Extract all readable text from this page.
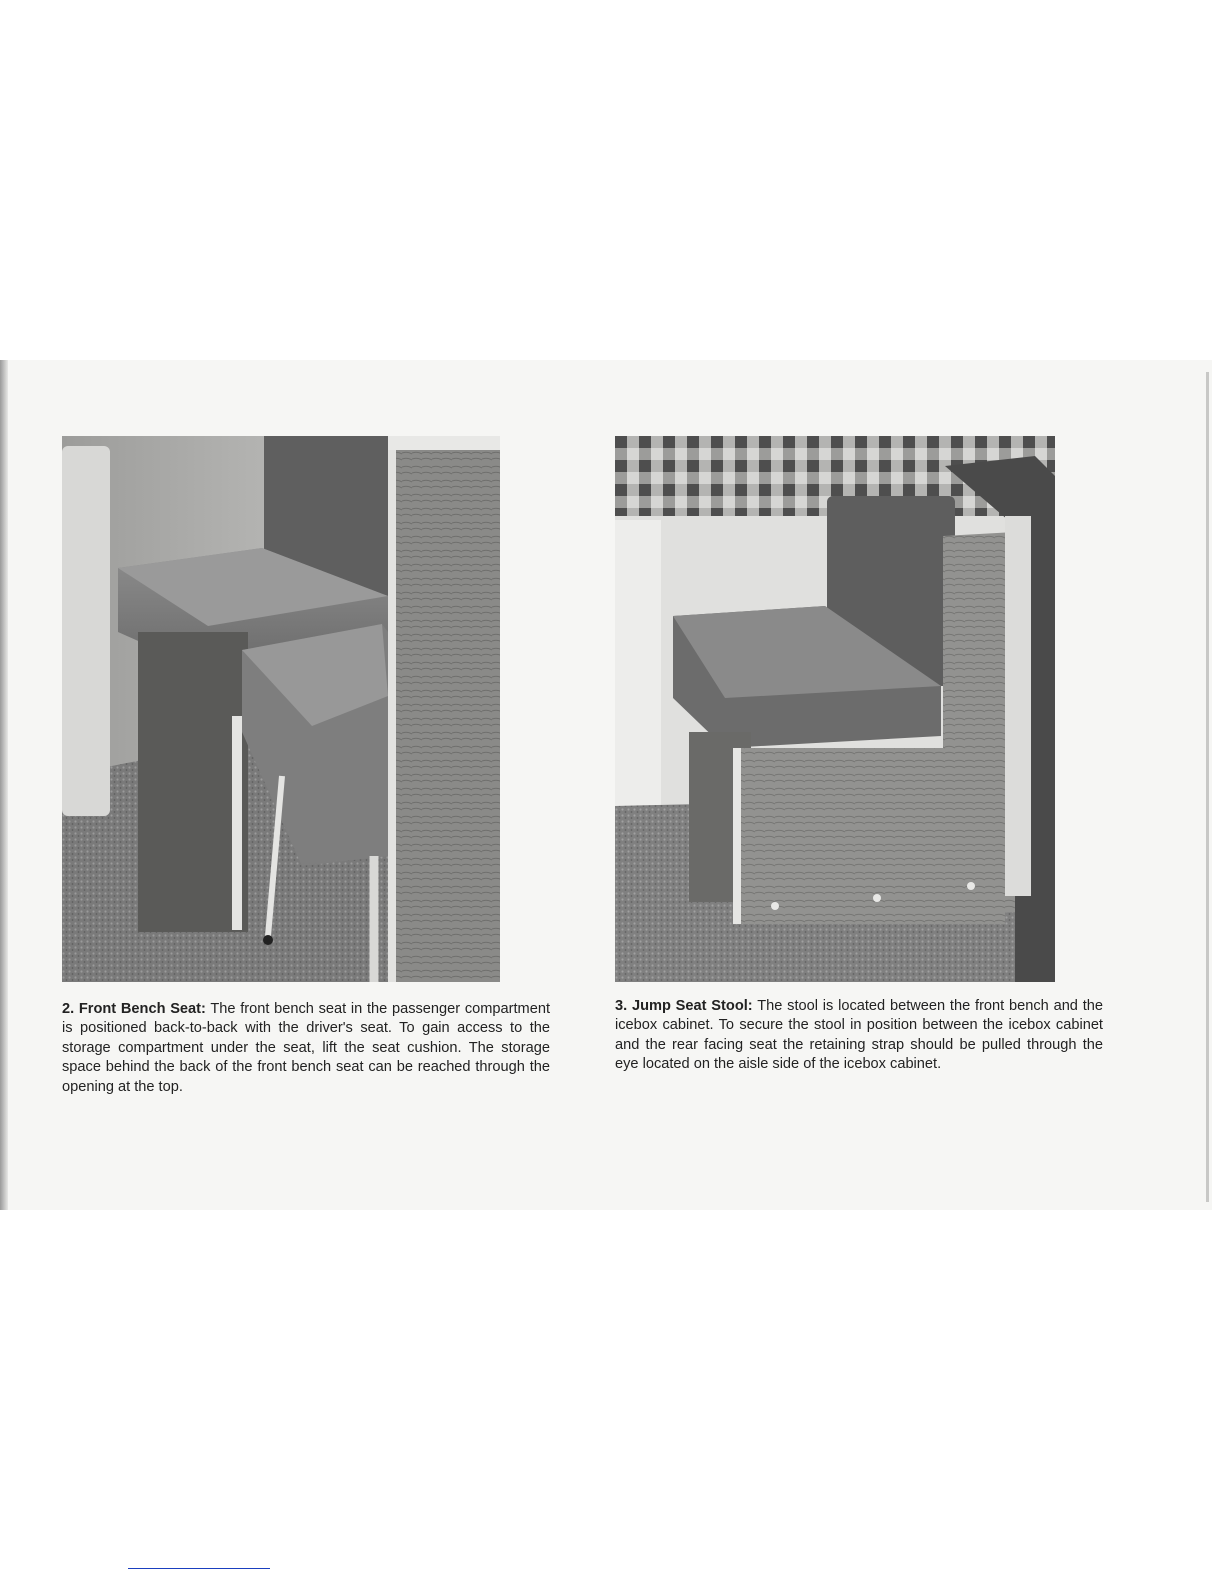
2. Front Bench Seat: The front bench seat in the passenger compartment is positioned back-to-back with the driver's seat. To gain access to the storage compartment under the seat, lift the seat cushion. The storage space behind the back of the front bench seat can be reached through the opening at the top.
3. Jump Seat Stool: The stool is located between the front bench and the icebox cabinet. To secure the stool in position between the icebox cabinet and the rear facing seat the retaining strap should be pulled through the eye located on the aisle side of the icebox cabinet.
